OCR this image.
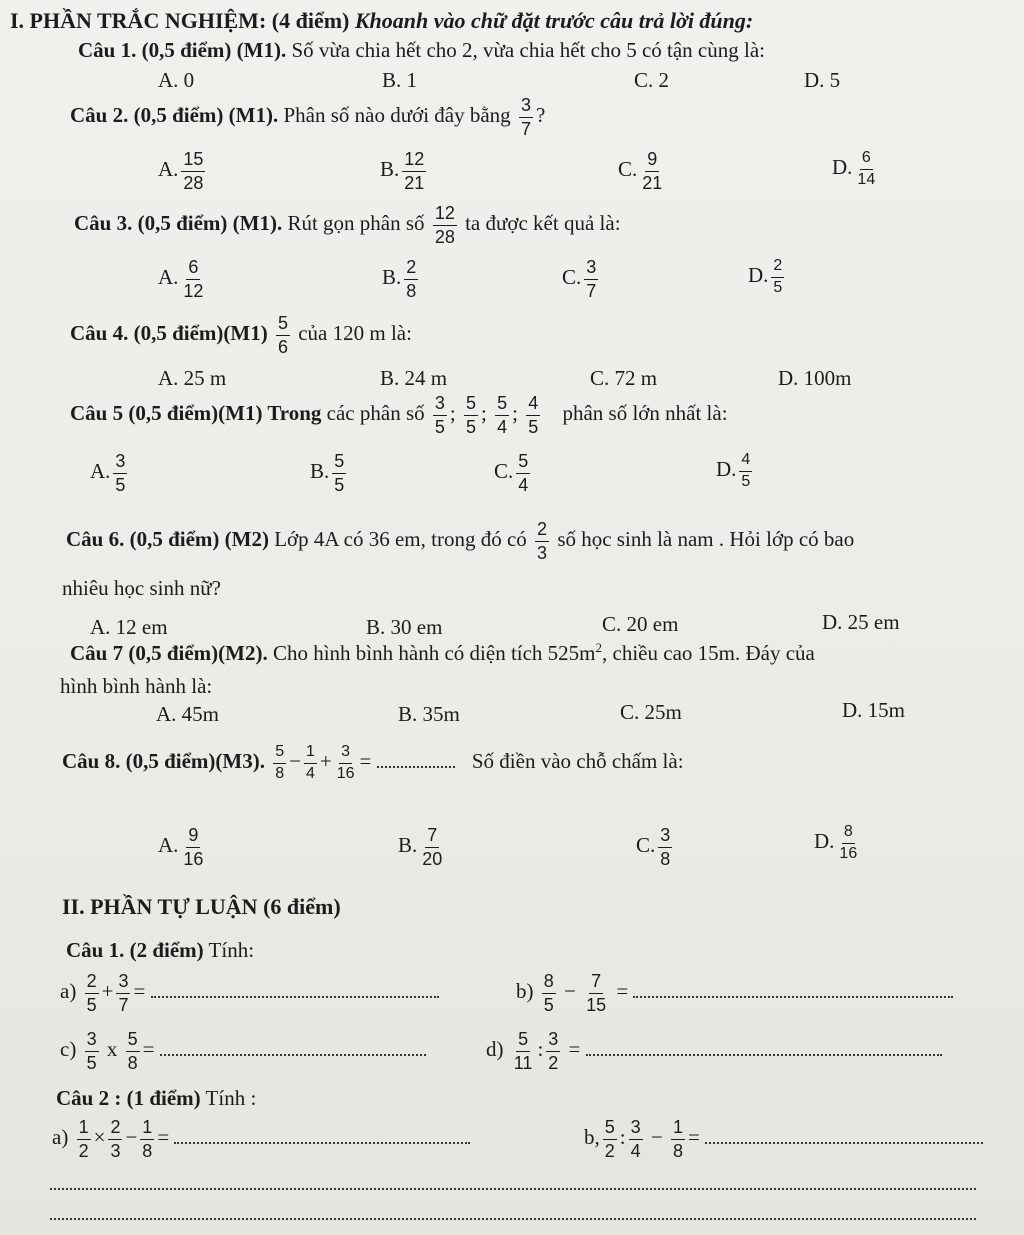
I. PHẦN TRẮC NGHIỆM: (4 điểm) Khoanh vào chữ đặt trước câu trả lời đúng:
Câu 1. (0,5 điểm) (M1). Số vừa chia hết cho 2, vừa chia hết cho 5 có tận cùng là:
A. 0	B. 1	C. 2	D. 5
Câu 2. (0,5 điểm) (M1). Phân số nào dưới đây bằng $\frac{3}{7}$ ?
A. $\frac{15}{28}$	B. $\frac{12}{21}$	C. $\frac{9}{21}$	D. $\frac{6}{14}$
Câu 3. (0,5 điểm) (M1). Rút gọn phân số $\frac{12}{28}$ ta được kết quả là:
A. $\frac{6}{12}$	B. $\frac{2}{8}$	C. $\frac{3}{7}$	D. $\frac{2}{5}$
Câu 4. (0,5 điểm)(M1) $\frac{5}{6}$ của 120 m là:
A. 25 m	B. 24 m	C. 72 m	D. 100m
Câu 5 (0,5 điểm)(M1) Trong các phân số $\frac{3}{5}$ ; $\frac{5}{5}$ ; $\frac{5}{4}$ ; $\frac{4}{5}$ phân số lớn nhất là:
A. $\frac{3}{5}$	B. $\frac{5}{5}$	C. $\frac{5}{4}$	D. $\frac{4}{5}$
Câu 6. (0,5 điểm) (M2) Lớp 4A có 36 em, trong đó có $\frac{2}{3}$ số học sinh là nam . Hỏi lớp có bao
nhiêu học sinh nữ?
A. 12 em	B. 30 em	C. 20 em	D. 25 em
Câu 7 (0,5 điểm)(M2). Cho hình bình hành có diện tích $525m^2$, chiều cao 15m. Đáy của
hình bình hành là:
A. 45m	B. 35m	C. 25m	D. 15m
Câu 8. (0,5 điểm)(M3). $\frac{5}{8} - \frac{1}{4} + \frac{3}{16}$ =	Số điền vào chỗ chấm là:
A. $\frac{9}{16}$	B. $\frac{7}{20}$	C. $\frac{3}{8}$	D. $\frac{8}{16}$
II. PHẦN TỰ LUẬN (6 điểm)
Câu 1. (2 điểm) Tính:
$a) \frac{2}{5} + \frac{3}{7}$ =	$b) \frac{8}{5} - \frac{7}{15}$ =
$c) \frac{3}{5}$ x $\frac{5}{8}$ =	$d) \frac{5}{11}$ : $\frac{3}{2}$ =
Câu 2 : (1 điểm) Tính :
$a) \frac{1}{2} \times \frac{2}{3} - \frac{1}{8}$ =	b, $\frac{5}{2}$ : $\frac{3}{4} - \frac{1}{8}$ =
